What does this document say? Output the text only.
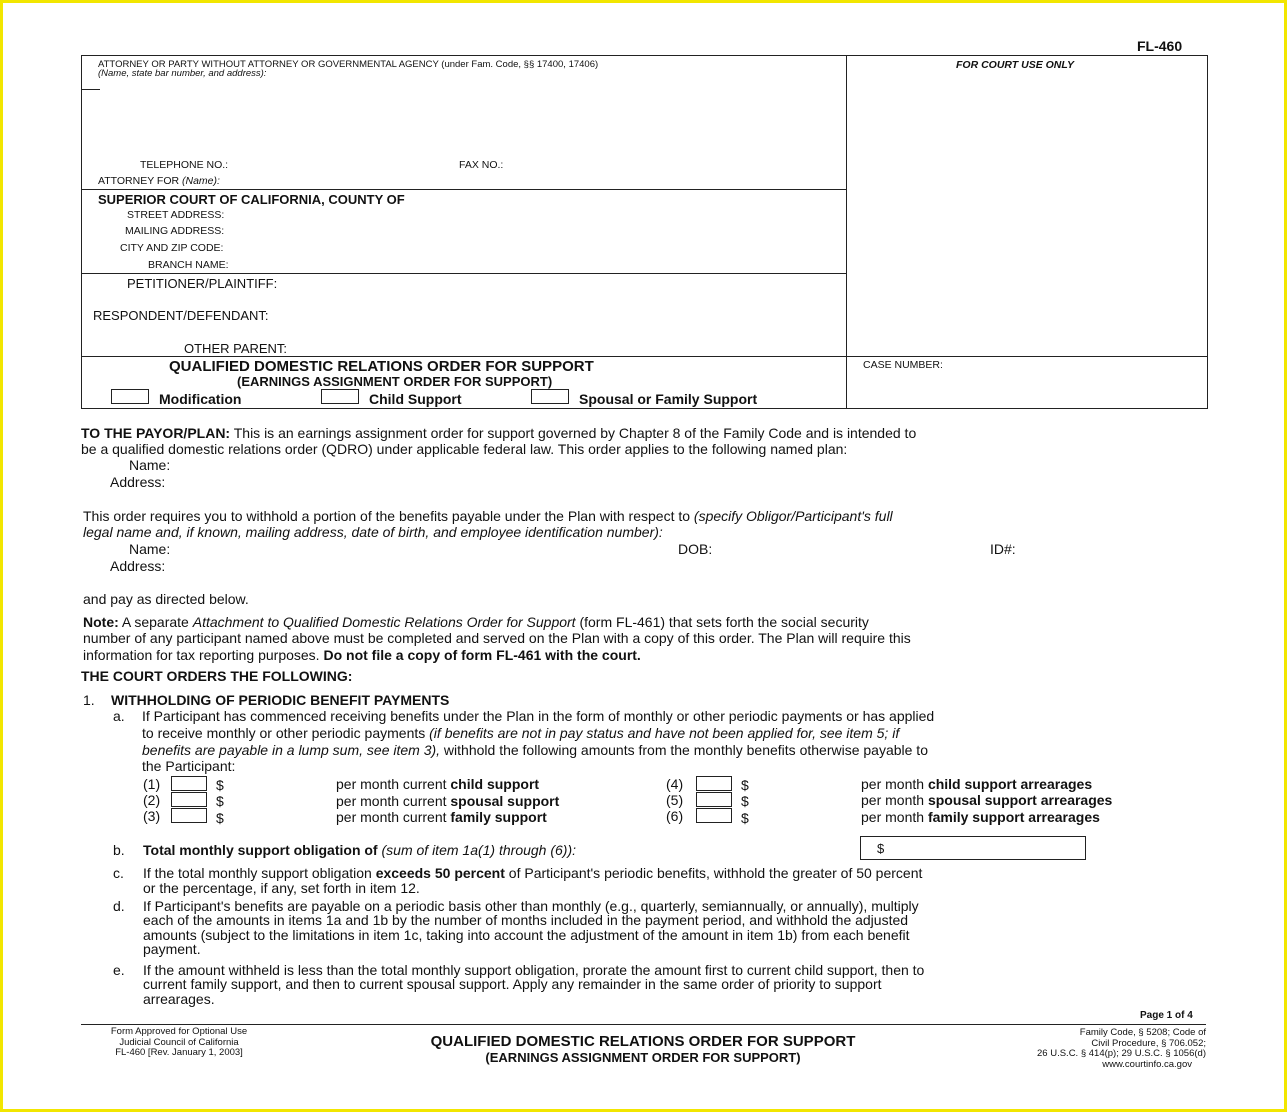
FL-460
ATTORNEY OR PARTY WITHOUT ATTORNEY OR GOVERNMENTAL AGENCY (under Fam. Code, §§ 17400, 17406)
(Name, state bar number, and address):
TELEPHONE NO.:	FAX NO.:
ATTORNEY FOR (Name):
FOR COURT USE ONLY
SUPERIOR COURT OF CALIFORNIA, COUNTY OF
STREET ADDRESS:
MAILING ADDRESS:
CITY AND ZIP CODE:
BRANCH NAME:
PETITIONER/PLAINTIFF:
RESPONDENT/DEFENDANT:
OTHER PARENT:
QUALIFIED DOMESTIC RELATIONS ORDER FOR SUPPORT
(EARNINGS ASSIGNMENT ORDER FOR SUPPORT)
CASE NUMBER:
Modification	Child Support	Spousal or Family Support
TO THE PAYOR/PLAN: This is an earnings assignment order for support governed by Chapter 8 of the Family Code and is intended to
be a qualified domestic relations order (QDRO) under applicable federal law. This order applies to the following named plan:
Name:
Address:
This order requires you to withhold a portion of the benefits payable under the Plan with respect to (specify Obligor/Participant's full
legal name and, if known, mailing address, date of birth, and employee identification number):
Name:	DOB:	ID#:
Address:
and pay as directed below.
Note: A separate Attachment to Qualified Domestic Relations Order for Support (form FL-461) that sets forth the social security
number of any participant named above must be completed and served on the Plan with a copy of this order. The Plan will require this
information for tax reporting purposes. Do not file a copy of form FL-461 with the court.
THE COURT ORDERS THE FOLLOWING:
1. WITHHOLDING OF PERIODIC BENEFIT PAYMENTS
a. If Participant has commenced receiving benefits under the Plan in the form of monthly or other periodic payments or has applied
to receive monthly or other periodic payments (if benefits are not in pay status and have not been applied for, see item 5; if
benefits are payable in a lump sum, see item 3), withhold the following amounts from the monthly benefits otherwise payable to
the Participant:
(1)	$	per month current child support
(2)	$	per month current spousal support
(3)	$	per month current family support
(4)	$	per month child support arrearages
(5)	$	per month spousal support arrearages
(6)	$	per month family support arrearages
b. Total monthly support obligation of (sum of item 1a(1) through (6)):	$
c. If the total monthly support obligation exceeds 50 percent of Participant's periodic benefits, withhold the greater of 50 percent
or the percentage, if any, set forth in item 12.
d. If Participant's benefits are payable on a periodic basis other than monthly (e.g., quarterly, semiannually, or annually), multiply
each of the amounts in items 1a and 1b by the number of months included in the payment period, and withhold the adjusted
amounts (subject to the limitations in item 1c, taking into account the adjustment of the amount in item 1b) from each benefit
payment.
e. If the amount withheld is less than the total monthly support obligation, prorate the amount first to current child support, then to
current family support, and then to current spousal support. Apply any remainder in the same order of priority to support
arrearages.
Page 1 of 4
Form Approved for Optional Use
Judicial Council of California
FL-460 [Rev. January 1, 2003]
QUALIFIED DOMESTIC RELATIONS ORDER FOR SUPPORT
(EARNINGS ASSIGNMENT ORDER FOR SUPPORT)
Family Code, § 5208; Code of
Civil Procedure, § 706.052;
26 U.S.C. § 414(p); 29 U.S.C. § 1056(d)
www.courtinfo.ca.gov
